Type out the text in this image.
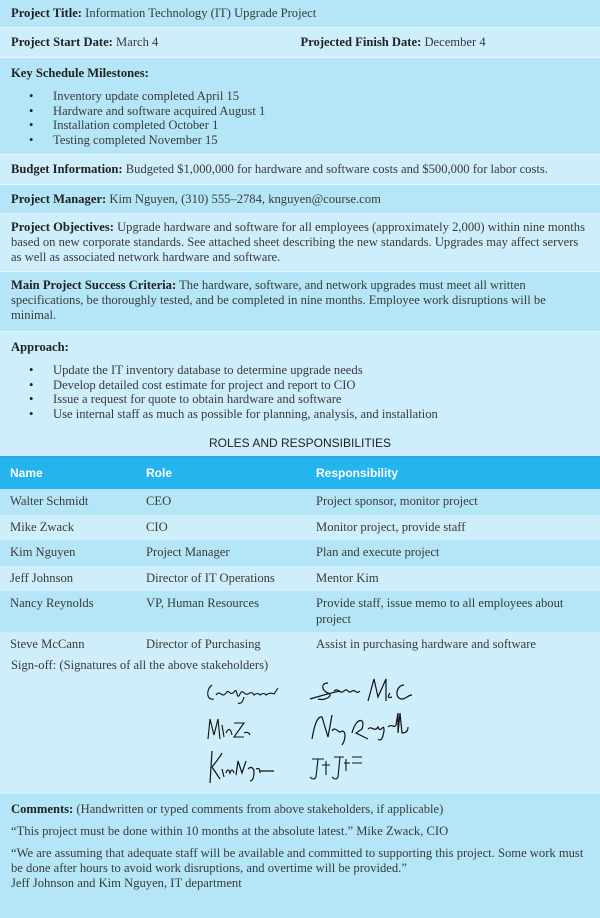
Project Title: Information Technology (IT) Upgrade Project
Project Start Date: March 4	Projected Finish Date: December 4
Key Schedule Milestones:
• Inventory update completed April 15
• Hardware and software acquired August 1
• Installation completed October 1
• Testing completed November 15
Budget Information: Budgeted $1,000,000 for hardware and software costs and $500,000 for labor costs.
Project Manager: Kim Nguyen, (310) 555–2784, knguyen@course.com
Project Objectives: Upgrade hardware and software for all employees (approximately 2,000) within nine months based on new corporate standards. See attached sheet describing the new standards. Upgrades may affect servers as well as associated network hardware and software.
Main Project Success Criteria: The hardware, software, and network upgrades must meet all written specifications, be thoroughly tested, and be completed in nine months. Employee work disruptions will be minimal.
Approach:
• Update the IT inventory database to determine upgrade needs
• Develop detailed cost estimate for project and report to CIO
• Issue a request for quote to obtain hardware and software
• Use internal staff as much as possible for planning, analysis, and installation
ROLES AND RESPONSIBILITIES
Name	Role	Responsibility
Walter Schmidt	CEO	Project sponsor, monitor project
Mike Zwack	CIO	Monitor project, provide staff
Kim Nguyen	Project Manager	Plan and execute project
Jeff Johnson	Director of IT Operations	Mentor Kim
Nancy Reynolds	VP, Human Resources	Provide staff, issue memo to all employees about project
Steve McCann	Director of Purchasing	Assist in purchasing hardware and software
Sign-off: (Signatures of all the above stakeholders)

Comments: (Handwritten or typed comments from above stakeholders, if applicable)

“This project must be done within 10 months at the absolute latest.” Mike Zwack, CIO

“We are assuming that adequate staff will be available and committed to supporting this project. Some work must be done after hours to avoid work disruptions, and overtime will be provided.”

Jeff Johnson and Kim Nguyen, IT department
